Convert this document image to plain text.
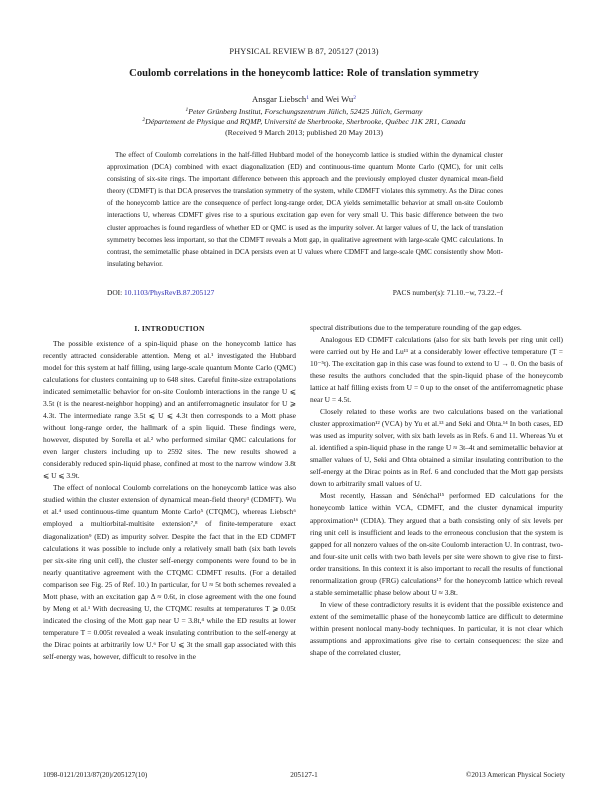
PHYSICAL REVIEW B 87, 205127 (2013)
Coulomb correlations in the honeycomb lattice: Role of translation symmetry
Ansgar Liebsch$^1$ and Wei Wu$^2$
$^1$Peter Grünberg Institut, Forschungszentrum Jülich, 52425 Jülich, Germany
$^2$Département de Physique and RQMP, Université de Sherbrooke, Sherbrooke, Québec J1K 2R1, Canada
(Received 9 March 2013; published 20 May 2013)
The effect of Coulomb correlations in the half-filled Hubbard model of the honeycomb lattice is studied within the dynamical cluster approximation (DCA) combined with exact diagonalization (ED) and continuous-time quantum Monte Carlo (QMC), for unit cells consisting of six-site rings. The important difference between this approach and the previously employed cluster dynamical mean-field theory (CDMFT) is that DCA preserves the translation symmetry of the system, while CDMFT violates this symmetry. As the Dirac cones of the honeycomb lattice are the consequence of perfect long-range order, DCA yields semimetallic behavior at small on-site Coulomb interactions U, whereas CDMFT gives rise to a spurious excitation gap even for very small U. This basic difference between the two cluster approaches is found regardless of whether ED or QMC is used as the impurity solver. At larger values of U, the lack of translation symmetry becomes less important, so that the CDMFT reveals a Mott gap, in qualitative agreement with large-scale QMC calculations. In contrast, the semimetallic phase obtained in DCA persists even at U values where CDMFT and large-scale QMC consistently show Mott-insulating behavior.
DOI: 10.1103/PhysRevB.87.205127	PACS number(s): 71.10.−w, 73.22.−f
I. INTRODUCTION

The possible existence of a spin-liquid phase on the honeycomb lattice has recently attracted considerable attention. Meng et al.¹ investigated the Hubbard model for this system at half filling, using large-scale quantum Monte Carlo (QMC) calculations for clusters containing up to 648 sites. Careful finite-size extrapolations indicated semimetallic behavior for on-site Coulomb interactions in the range U ⩽ 3.5t (t is the nearest-neighbor hopping) and an antiferromagnetic insulator for U ⩾ 4.3t. The intermediate range 3.5t ⩽ U ⩽ 4.3t then corresponds to a Mott phase without long-range order, the hallmark of a spin liquid. These findings were, however, disputed by Sorella et al.² who performed similar QMC calculations for even larger clusters including up to 2592 sites. The new results showed a considerably reduced spin-liquid phase, confined at most to the narrow window 3.8t ⩽ U ⩽ 3.9t.

The effect of nonlocal Coulomb correlations on the honeycomb lattice was also studied within the cluster extension of dynamical mean-field theory³ (CDMFT). Wu et al.⁴ used continuous-time quantum Monte Carlo⁵ (CTQMC), whereas Liebsch⁶ employed a multiorbital-multisite extension⁷,⁸ of finite-temperature exact diagonalization⁹ (ED) as impurity solver. Despite the fact that in the ED CDMFT calculations it was possible to include only a relatively small bath (six bath levels per six-site ring unit cell), the cluster self-energy components were found to be in nearly quantitative agreement with the CTQMC CDMFT results. (For a detailed comparison see Fig. 25 of Ref. 10.) In particular, for U ≈ 5t both schemes revealed a Mott phase, with an excitation gap Δ ≈ 0.6t, in close agreement with the one found by Meng et al.¹ With decreasing U, the CTQMC results at temperatures T ⩾ 0.05t indicated the closing of the Mott gap near U = 3.8t,⁴ while the ED results at lower temperature T = 0.005t revealed a weak insulating contribution to the self-energy at the Dirac points at arbitrarily low U.⁶ For U ⩽ 3t the small gap associated with this self-energy was, however, difficult to resolve in the

spectral distributions due to the temperature rounding of the gap edges.

Analogous ED CDMFT calculations (also for six bath levels per ring unit cell) were carried out by He and Lu¹¹ at a considerably lower effective temperature (T = 10⁻⁵t). The excitation gap in this case was found to extend to U → 0. On the basis of these results the authors concluded that the spin-liquid phase of the honeycomb lattice at half filling exists from U = 0 up to the onset of the antiferromagnetic phase near U = 4.5t.

Closely related to these works are two calculations based on the variational cluster approximation¹² (VCA) by Yu et al.¹³ and Seki and Ohta.¹⁴ In both cases, ED was used as impurity solver, with six bath levels as in Refs. 6 and 11. Whereas Yu et al. identified a spin-liquid phase in the range U ≈ 3t–4t and semimetallic behavior at smaller values of U, Seki and Ohta obtained a similar insulating contribution to the self-energy at the Dirac points as in Ref. 6 and concluded that the Mott gap persists down to arbitrarily small values of U.

Most recently, Hassan and Sénéchal¹⁵ performed ED calculations for the honeycomb lattice within VCA, CDMFT, and the cluster dynamical impurity approximation¹⁶ (CDIA). They argued that a bath consisting only of six levels per ring unit cell is insufficient and leads to the erroneous conclusion that the system is gapped for all nonzero values of the on-site Coulomb interaction U. In contrast, two- and four-site unit cells with two bath levels per site were shown to give rise to first-order transitions. In this context it is also important to recall the results of functional renormalization group (FRG) calculations¹⁷ for the honeycomb lattice which reveal a stable semimetallic phase below about U ≈ 3.8t.

In view of these contradictory results it is evident that the possible existence and extent of the semimetallic phase of the honeycomb lattice are difficult to determine within present nonlocal many-body techniques. In particular, it is not clear which assumptions and approximations give rise to certain consequences: the size and shape of the correlated cluster,

1098-0121/2013/87(20)/205127(10)	205127-1	©2013 American Physical Society
